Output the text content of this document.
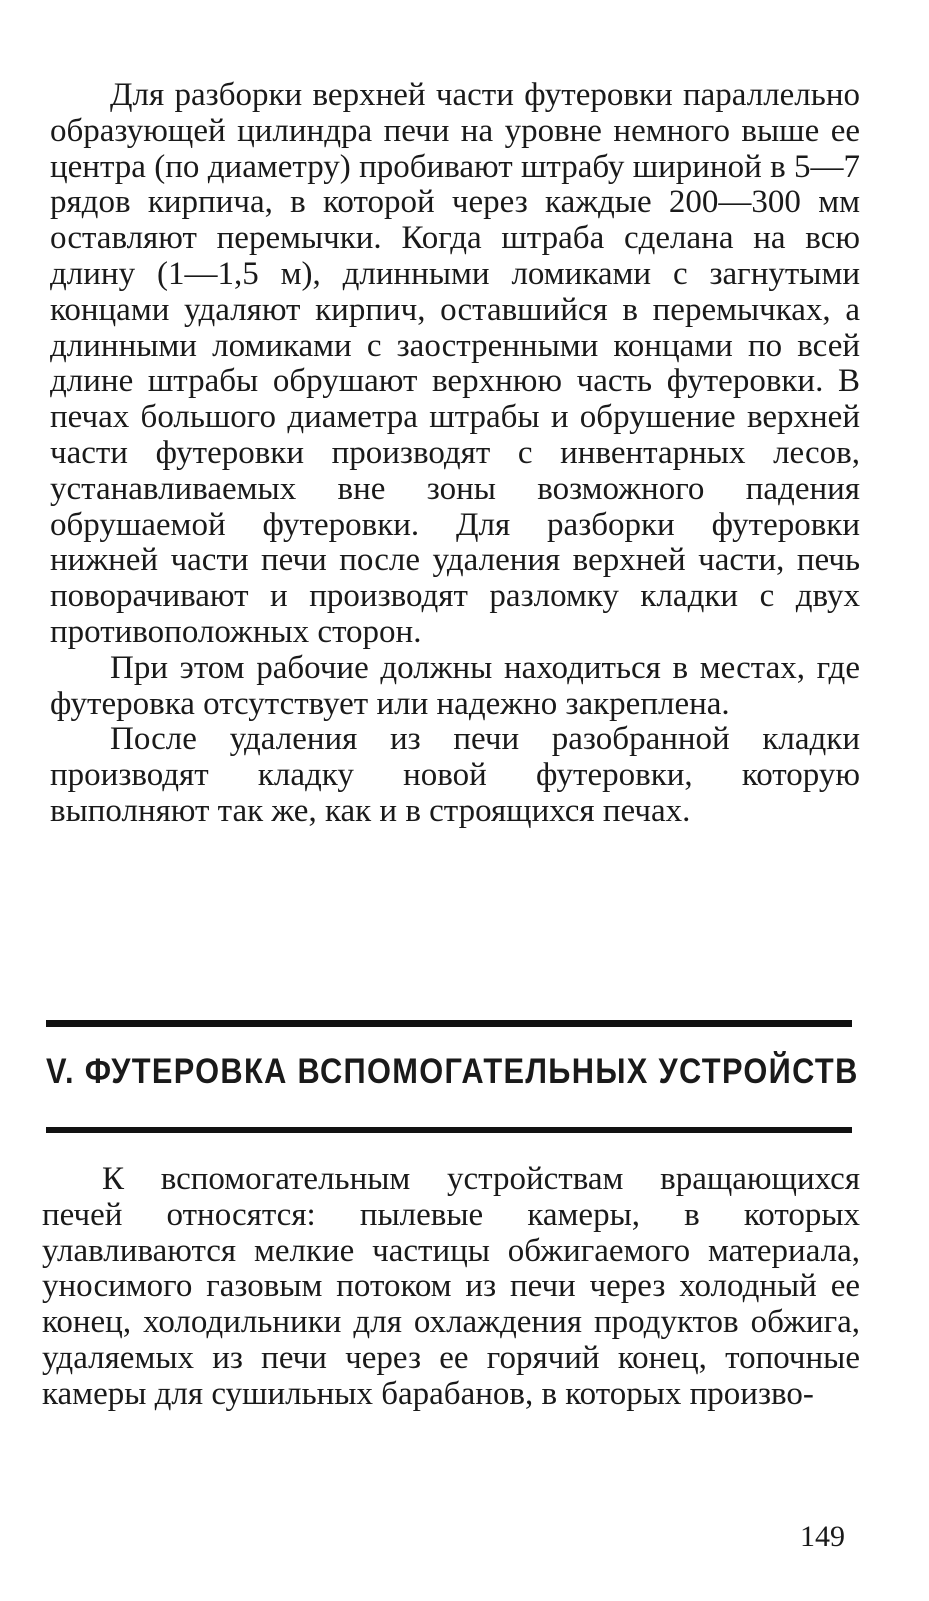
Для разборки верхней части футеровки параллельно образующей цилиндра печи на уровне немного выше ее центра (по диаметру) пробивают штрабу шириной в 5—7 рядов кирпича, в которой через каждые 200—300 мм оставляют перемычки. Когда штраба сделана на всю длину (1—1,5 м), длинными ломиками с загнутыми концами удаляют кирпич, оставшийся в перемычках, а длинными ломиками с заостренными концами по всей длине штрабы обрушают верхнюю часть футеровки. В печах большого диаметра штрабы и обрушение верхней части футеровки производят с инвентарных лесов, устанавливаемых вне зоны возможного падения обрушаемой футеровки. Для разборки футеровки нижней части печи после удаления верхней части, печь поворачивают и производят разломку кладки с двух противоположных сторон.

При этом рабочие должны находиться в местах, где футеровка отсутствует или надежно закреплена.

После удаления из печи разобранной кладки производят кладку новой футеровки, которую выполняют так же, как и в строящихся печах.

V. ФУТЕРОВКА ВСПОМОГАТЕЛЬНЫХ УСТРОЙСТВ

К вспомогательным устройствам вращающихся печей относятся: пылевые камеры, в которых улавливаются мелкие частицы обжигаемого материала, уносимого газовым потоком из печи через холодный ее конец, холодильники для охлаждения продуктов обжига, удаляемых из печи через ее горячий конец, топочные камеры для сушильных барабанов, в которых произво-

149
